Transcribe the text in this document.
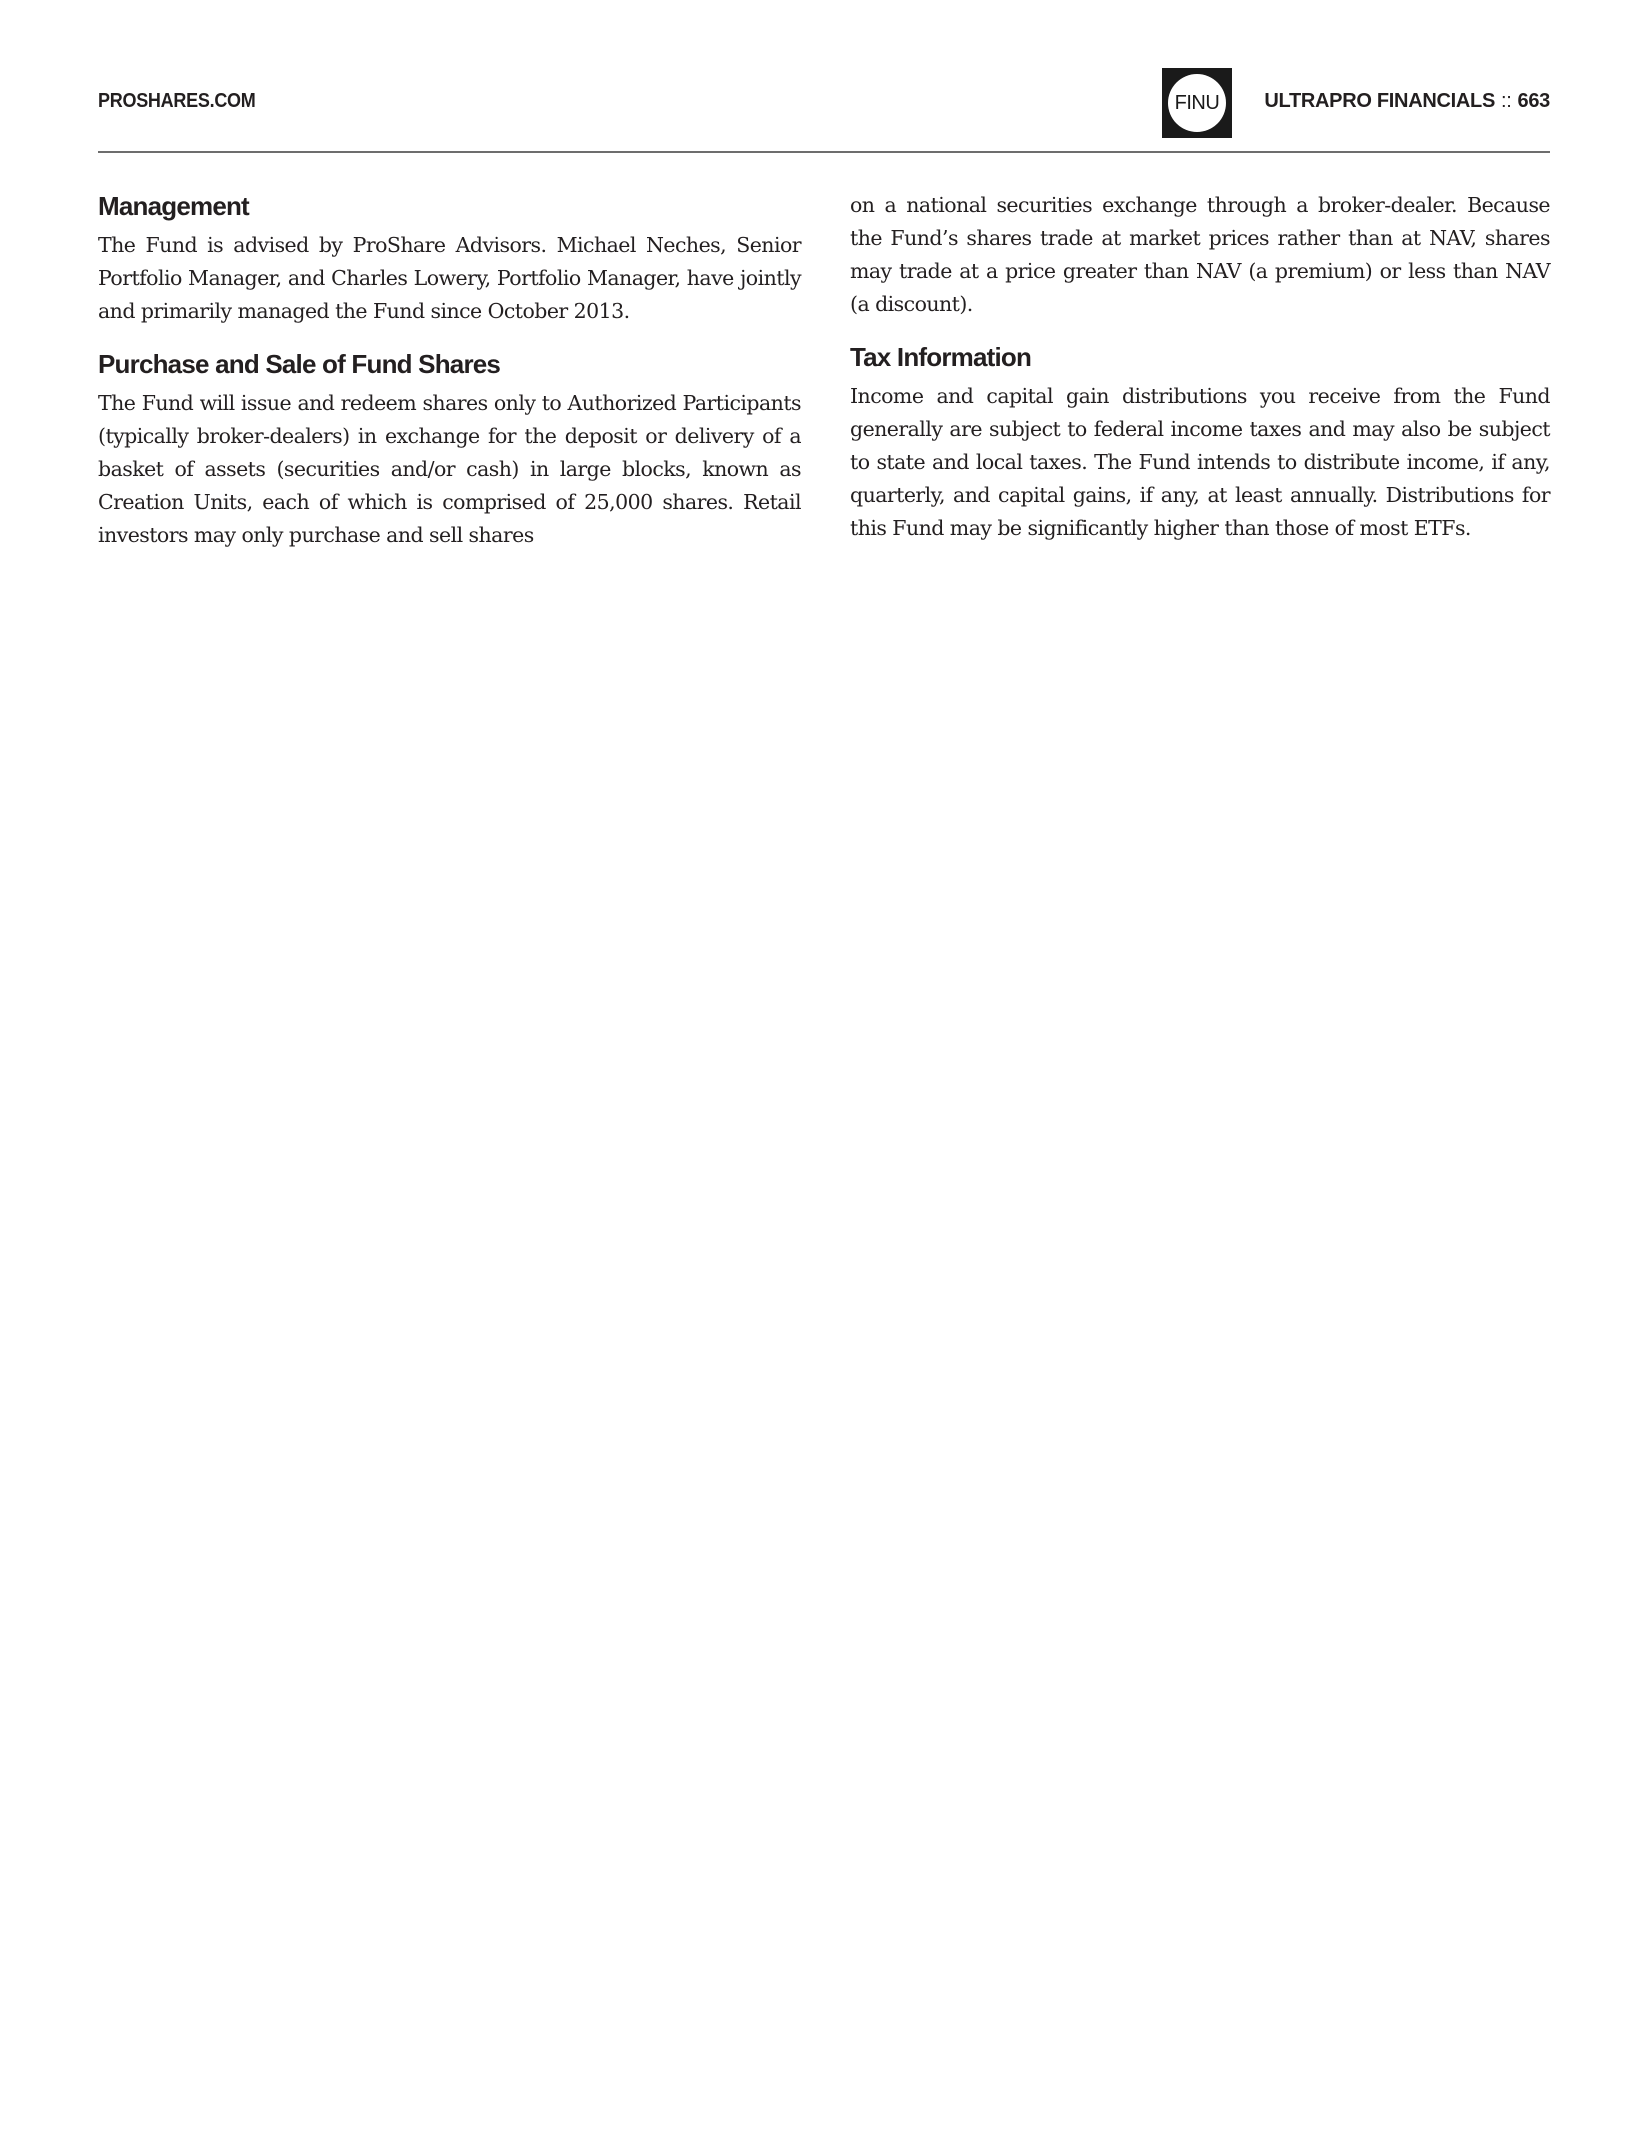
PROSHARES.COM	FINU	ULTRAPRO FINANCIALS :: 663
Management

The Fund is advised by ProShare Advisors. Michael Neches, Senior Portfolio Manager, and Charles Lowery, Portfolio Manager, have jointly and primarily managed the Fund since October 2013.

Purchase and Sale of Fund Shares

The Fund will issue and redeem shares only to Authorized Participants (typically broker-dealers) in exchange for the deposit or delivery of a basket of assets (securities and/or cash) in large blocks, known as Creation Units, each of which is comprised of 25,000 shares. Retail investors may only purchase and sell shares

on a national securities exchange through a broker-dealer. Because the Fund’s shares trade at market prices rather than at NAV, shares may trade at a price greater than NAV (a premium) or less than NAV (a discount).

Tax Information

Income and capital gain distributions you receive from the Fund generally are subject to federal income taxes and may also be subject to state and local taxes. The Fund intends to distribute income, if any, quarterly, and capital gains, if any, at least annually. Distributions for this Fund may be significantly higher than those of most ETFs.
